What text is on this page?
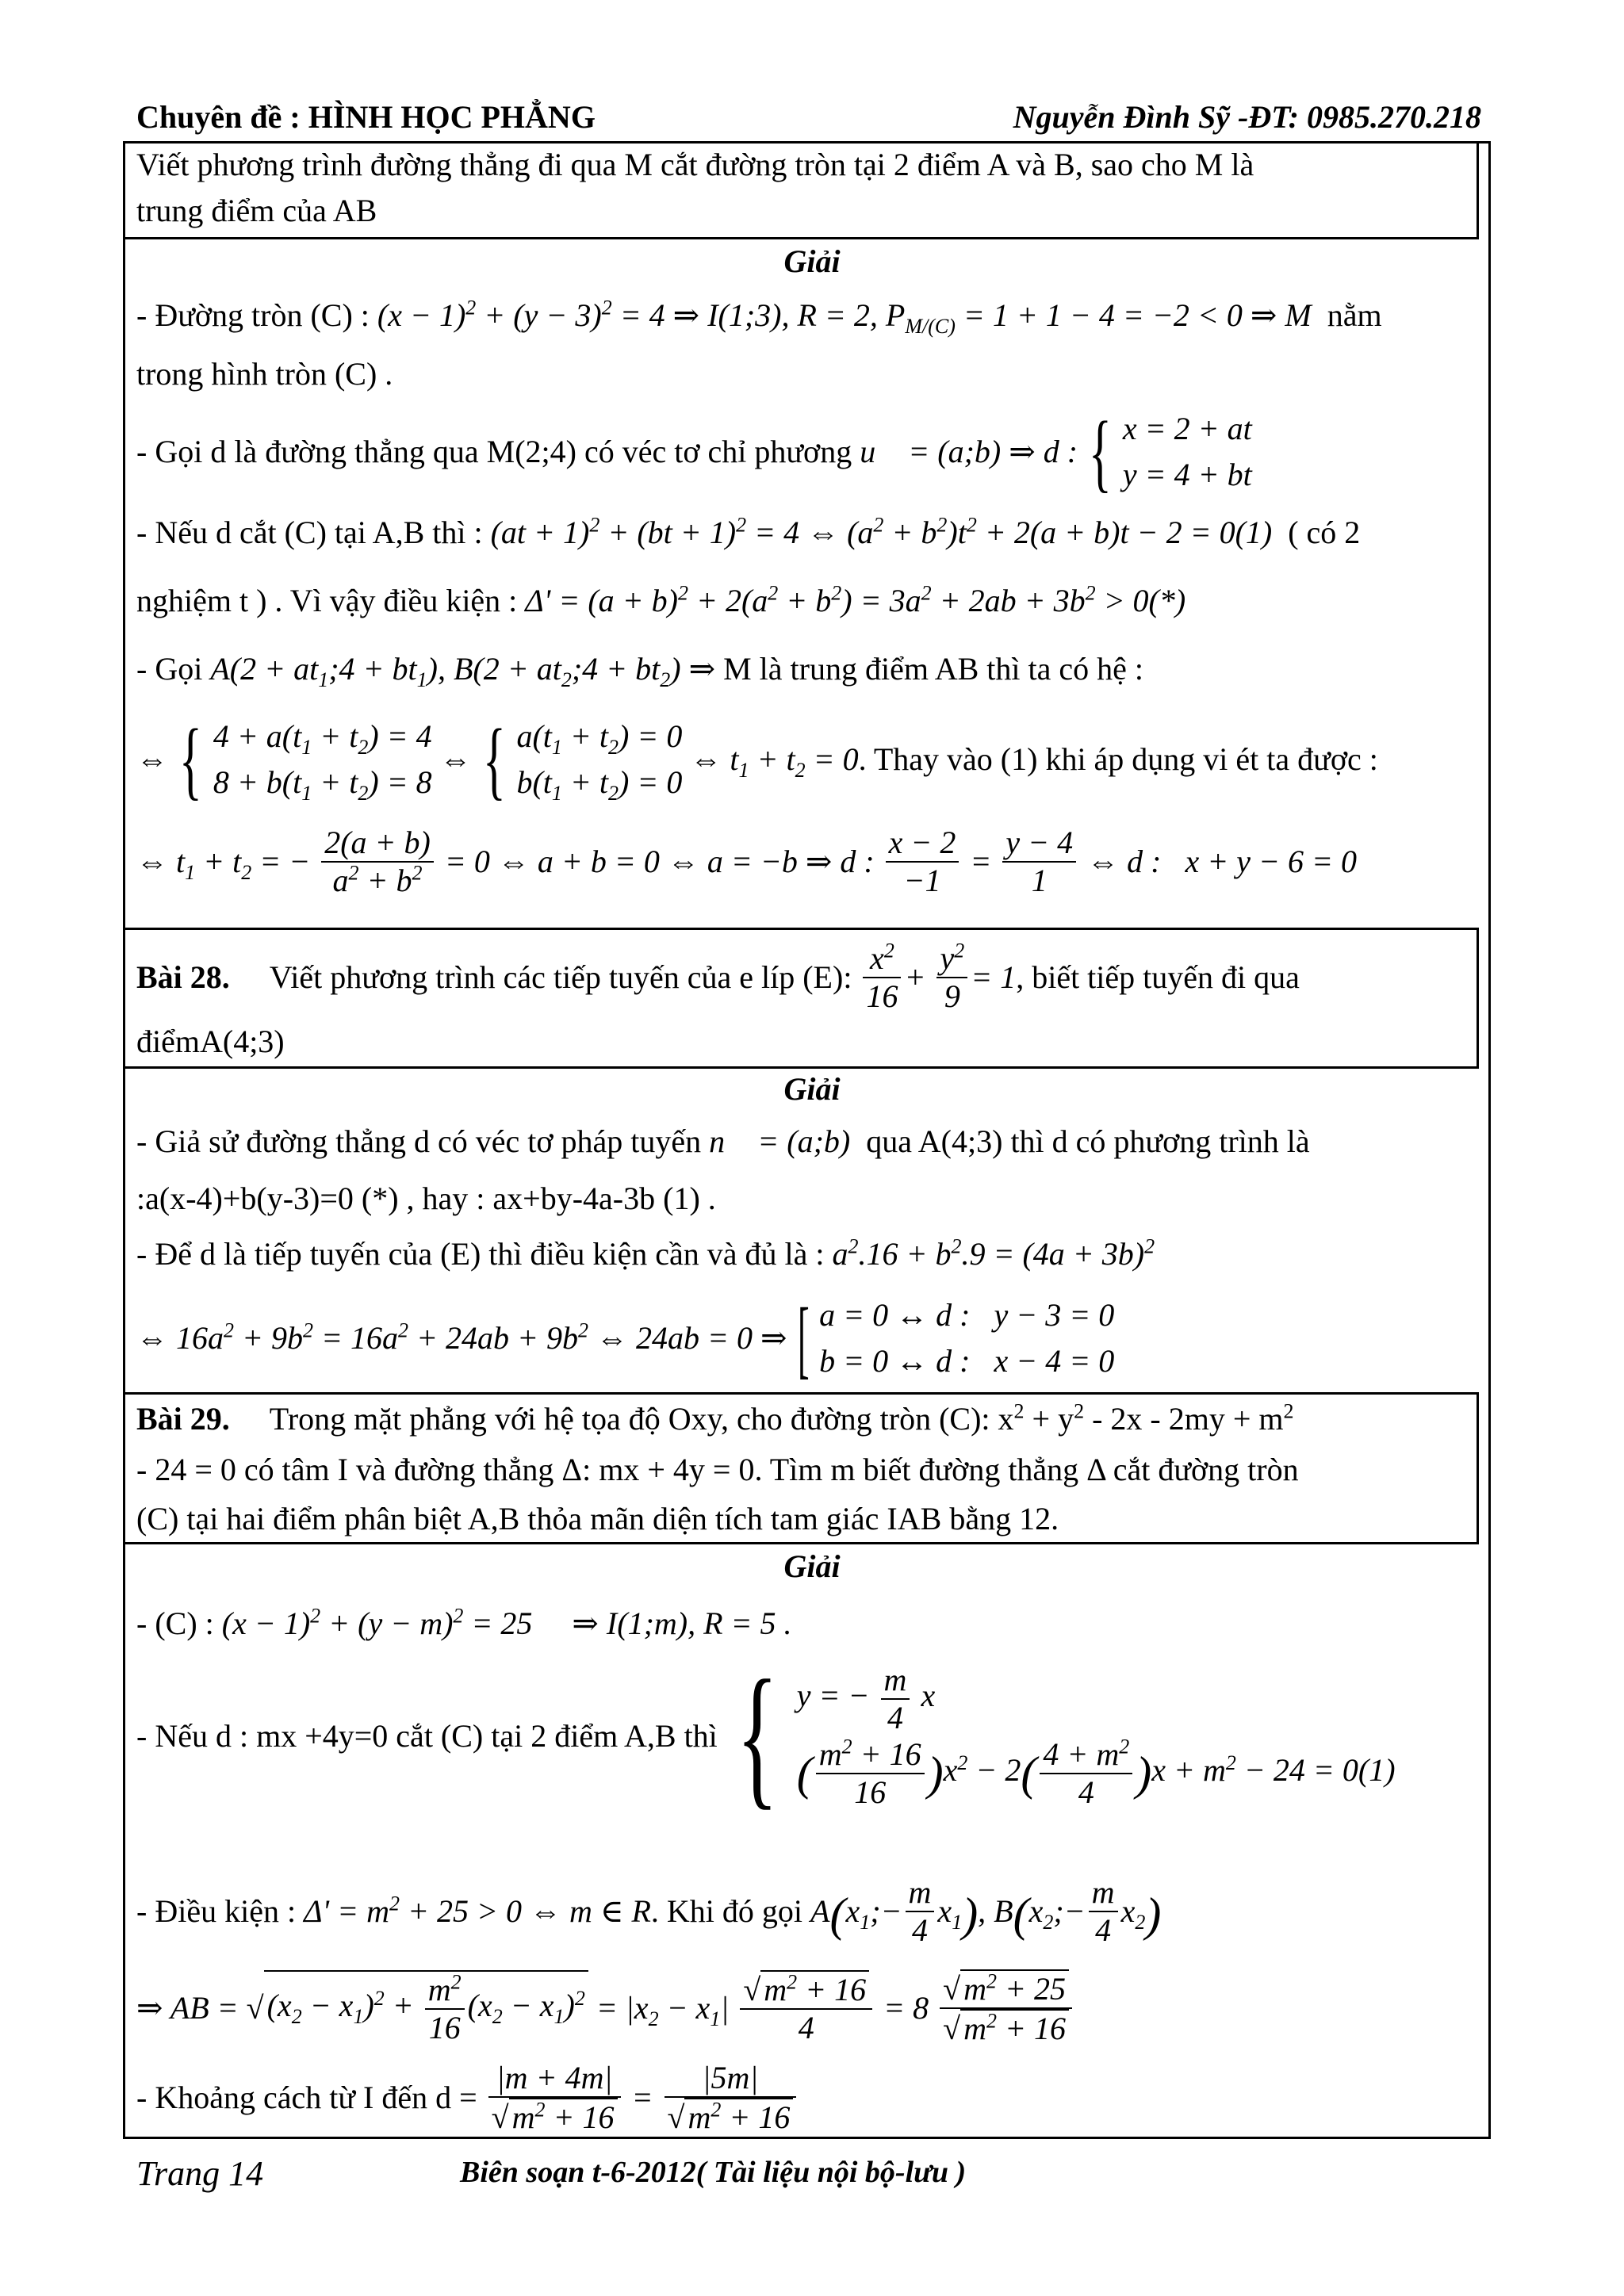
Chuyên đề : HÌNH HỌC PHẲNG	Nguyễn Đình Sỹ -ĐT: 0985.270.218
Viết phương trình đường thẳng đi qua M cắt đường tròn tại 2 điểm A và B, sao cho M là
trung điểm của AB
Giải
- Đường tròn (C) : $(x - 1)^2 + (y - 3)^2 = 4$ ⇒ I(1;3), R = 2, $P_{M/(C)} = 1 + 1 - 4 = -2 < 0$ ⇒ M nằm
trong hình tròn (C) .
- Gọi d là đường thẳng qua M(2;4) có véc tơ chỉ phương u⃗ = (a;b) ⇒ d : { x = 2 + at
y = 4 + bt
- Nếu d cắt (C) tại A,B thì : (at + 1)$^2$ + (bt + 1)$^2$ = 4 ⇔ $(a^2 + b^2)t^2 + 2(a + b)t - 2 = 0(1)$ ( có 2
nghiệm t ) . Vì vậy điều kiện : $\Delta' = (a + b)^2 + 2(a^2 + b^2) = 3a^2 + 2ab + 3b^2 > 0(*)$
- Gọi $A(2 + at_1;4 + bt_1)$, $B(2 + at_2;4 + bt_2)$ ⇒ M là trung điểm AB thì ta có hệ :
⇔ { $4 + a(t_1 + t_2) = 4$
$8 + b(t_1 + t_2) = 8$
⇔ { $a(t_1 + t_2) = 0$
$b(t_1 + t_2) = 0$
⇔ $t_1 + t_2 = 0$. Thay vào (1) khi áp dụng vi ét ta được :
⇔ $t_1 + t_2$ = − $\frac{2(a + b)}{a^2 + b^2} = 0$ ⇔ a + b = 0 ⇔ a = −b ⇒ d : $\frac{x - 2}{-1} = \frac{y - 4}{1}$ ⇔ d :   x + y − 6 = 0
Bài 28. Viết phương trình các tiếp tuyến của e líp (E): $\frac{x^2}{16} + \frac{y^2}{9} = 1$, biết tiếp tuyến đi qua
điểmA(4;3)
Giải
- Giả sử đường thẳng d có véc tơ pháp tuyến n⃗ = (a;b) qua A(4;3) thì d có phương trình là
:a(x-4)+b(y-3)=0 (*) , hay : ax+by-4a-3b (1) .
- Để d là tiếp tuyến của (E) thì điều kiện cần và đủ là : $a^2.16 + b^2.9 = (4a + 3b)^2$
⇔ $16a^2 + 9b^2 = 16a^2 + 24ab + 9b^2$ ⇔ 24ab = 0 ⇒ [ a = 0 ↔ d :   y − 3 = 0
b = 0 ↔ d :   x − 4 = 0
Bài 29. Trong mặt phẳng với hệ tọa độ Oxy, cho đường tròn (C): $x^2 + y^2 - 2x - 2my + m^2$
- 24 = 0 có tâm I và đường thẳng Δ: mx + 4y = 0. Tìm m biết đường thẳng Δ cắt đường tròn
(C) tại hai điểm phân biệt A,B thỏa mãn diện tích tam giác IAB bằng 12.
Giải
- (C) : $(x - 1)^2 + (y - m)^2 = 25$     ⇒ I(1;m), R = 5 .
- Nếu d : mx +4y=0 cắt (C) tại 2 điểm A,B thì { y = − $\frac{m}{4}$ x
( $\frac{m^2 + 16}{16} )x^2 - 2( \frac{4 + m^2}{4} )x + m^2 - 24 = 0(1)$
- Điều kiện : $\Delta' = m^2 + 25 > 0$ ⇔ m ∈ R. Khi đó gọi $A(x_1;- \frac{m}{4} x_1)$, $B(x_2;- \frac{m}{4} x_2)$
⇒ AB = √ $(x_2 - x_1)^2 + \frac{m^2}{16} (x_2 - x_1)^2 = |x_2 - x_1| \frac{√ m^2 + 16}{4} = 8 \frac{√ m^2 + 25}{√ m^2 + 16}$
- Khoảng cách từ I đến $d = \frac{|m + 4m|}{√ m^2 + 16} = \frac{|5m|}{√ m^2 + 16}$
Trang 14	Biên soạn t-6-2012( Tài liệu nội bộ-lưu )
